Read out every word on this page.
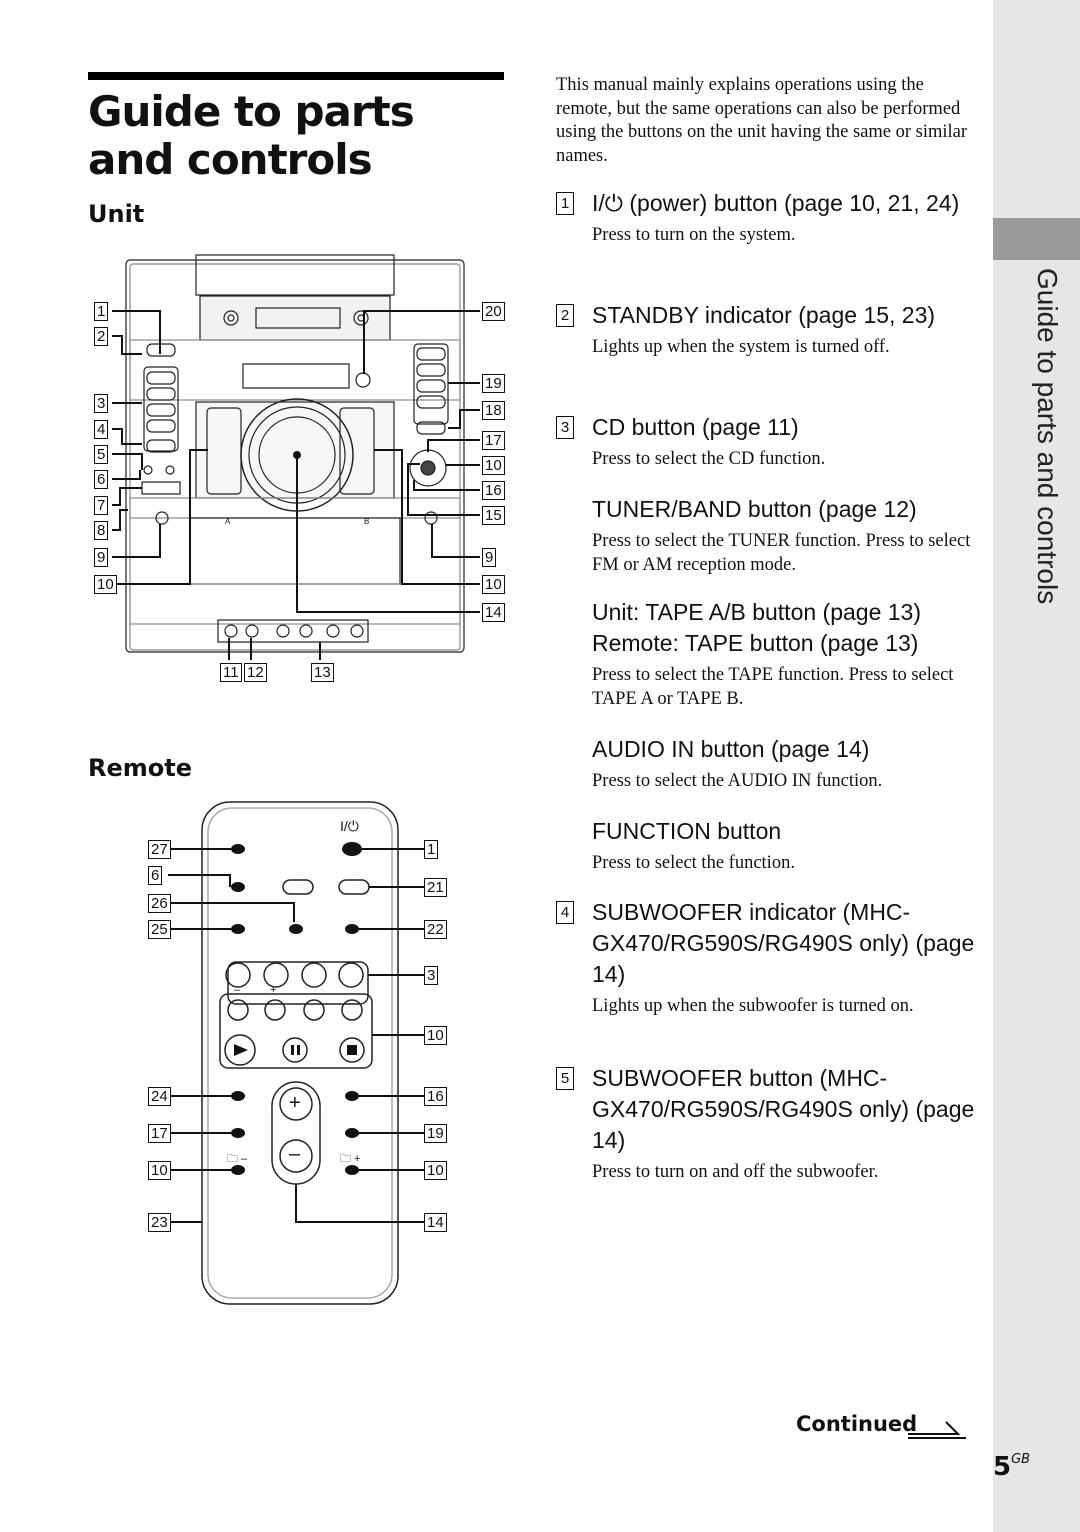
Guide to parts and controls
Guide to parts and controls
Unit
Remote
1
2
3
4
5
6
7
8
9
10
20
19
18
17
10
16
15
9
10
14
11 12	13
27
6
26
25
24
17
10
23
1
21
22
3
10
16
19
10
14
A	B
I/⏻
–	+
🗀 –	🗀 +
+
–

This manual mainly explains operations using the remote, but the same operations can also be performed using the buttons on the unit having the same or similar names.

1 I/⏻ (power) button (page 10, 21, 24)
Press to turn on the system.
2 STANDBY indicator (page 15, 23)
Lights up when the system is turned off.
3 CD button (page 11)
Press to select the CD function.
TUNER/BAND button (page 12)
Press to select the TUNER function. Press to select FM or AM reception mode.
Unit: TAPE A/B button (page 13) Remote: TAPE button (page 13)
Press to select the TAPE function. Press to select TAPE A or TAPE B.
AUDIO IN button (page 14)
Press to select the AUDIO IN function.
FUNCTION button
Press to select the function.
4 SUBWOOFER indicator (MHC-GX470/RG590S/RG490S only) (page 14)
Lights up when the subwoofer is turned on.
5 SUBWOOFER button (MHC-GX470/RG590S/RG490S only) (page 14)
Press to turn on and off the subwoofer.
Continued
$5^{GB}$
